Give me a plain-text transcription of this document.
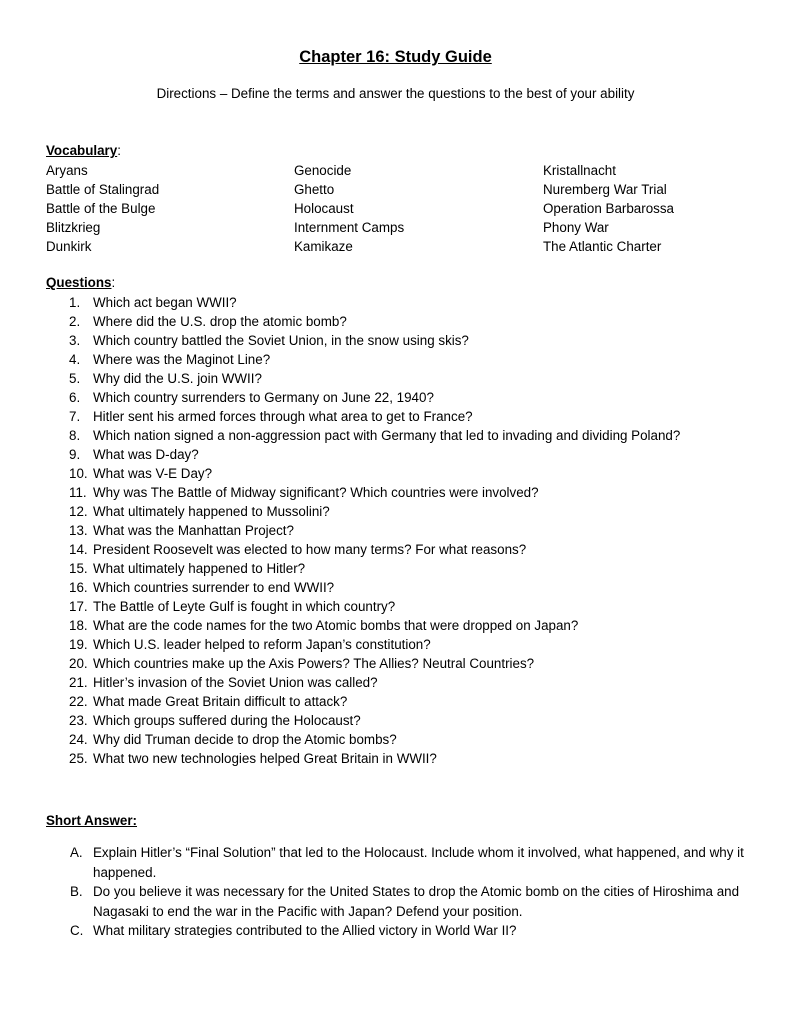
Chapter 16: Study Guide
Directions – Define the terms and answer the questions to the best of your ability
Vocabulary:
Aryans
Battle of Stalingrad
Battle of the Bulge
Blitzkrieg
Dunkirk
Genocide
Ghetto
Holocaust
Internment Camps
Kamikaze
Kristallnacht
Nuremberg War Trial
Operation Barbarossa
Phony War
The Atlantic Charter
Questions:
1. Which act began WWII?
2. Where did the U.S. drop the atomic bomb?
3. Which country battled the Soviet Union, in the snow using skis?
4. Where was the Maginot Line?
5. Why did the U.S. join WWII?
6. Which country surrenders to Germany on June 22, 1940?
7. Hitler sent his armed forces through what area to get to France?
8. Which nation signed a non-aggression pact with Germany that led to invading and dividing Poland?
9. What was D-day?
10. What was V-E Day?
11. Why was The Battle of Midway significant? Which countries were involved?
12. What ultimately happened to Mussolini?
13. What was the Manhattan Project?
14. President Roosevelt was elected to how many terms? For what reasons?
15. What ultimately happened to Hitler?
16. Which countries surrender to end WWII?
17. The Battle of Leyte Gulf is fought in which country?
18. What are the code names for the two Atomic bombs that were dropped on Japan?
19. Which U.S. leader helped to reform Japan’s constitution?
20. Which countries make up the Axis Powers? The Allies? Neutral Countries?
21. Hitler’s invasion of the Soviet Union was called?
22. What made Great Britain difficult to attack?
23. Which groups suffered during the Holocaust?
24. Why did Truman decide to drop the Atomic bombs?
25. What two new technologies helped Great Britain in WWII?
Short Answer:
A. Explain Hitler’s “Final Solution” that led to the Holocaust. Include whom it involved, what happened, and why it happened.
B. Do you believe it was necessary for the United States to drop the Atomic bomb on the cities of Hiroshima and Nagasaki to end the war in the Pacific with Japan? Defend your position.
C. What military strategies contributed to the Allied victory in World War II?
